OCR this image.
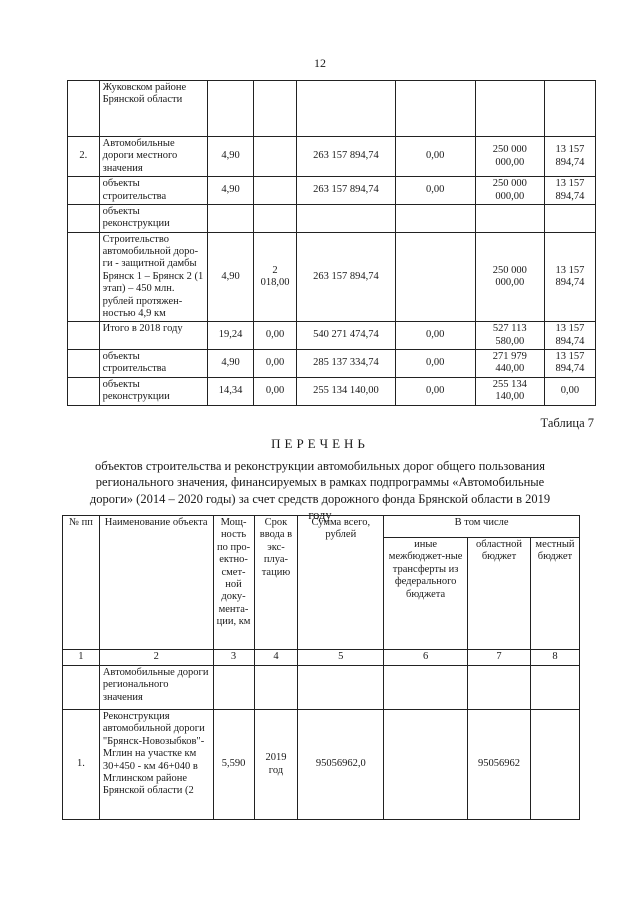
12
	Жуковском районе Брянской области						
2.	Автомобильные дороги местного значения	4,90		263 157 894,74	0,00	250 000 000,00	13 157 894,74
	объекты строительства	4,90		263 157 894,74	0,00	250 000 000,00	13 157 894,74
	объекты реконструкции						
	Строительство автомобильной доро-ги - защитной дамбы Брянск 1 – Брянск 2 (1 этап) – 450 млн. рублей протяжен-ностью 4,9 км	4,90	2 018,00	263 157 894,74		250 000 000,00	13 157 894,74
	Итого в 2018 году	19,24	0,00	540 271 474,74	0,00	527 113 580,00	13 157 894,74
	объекты строительства	4,90	0,00	285 137 334,74	0,00	271 979 440,00	13 157 894,74
	объекты реконструкции	14,34	0,00	255 134 140,00	0,00	255 134 140,00	0,00
Таблица 7
ПЕРЕЧЕНЬ
объектов строительства и реконструкции автомобильных дорог общего пользования регионального значения, финансируемых в рамках подпрограммы «Автомобильные дороги» (2014 – 2020 годы) за счет средств дорожного фонда Брянской области в 2019 году
№ пп	Наименование объекта	Мощ-ность по про-ектно-смет-ной доку-мента-ции, км	Срок ввода в экс-плуа-тацию	Сумма всего, рублей	В том числе		
					иные межбюджет-ные трансферты из федерального бюджета	областной бюджет	местный бюджет
1	2	3	4	5	6	7	8
	Автомобильные дороги регионального значения						
1.	Реконструкция автомобильной дороги "Брянск-Новозыбков"-Мглин на участке км 30+450 - км 46+040 в Мглинском районе Брянской области (2	5,590	2019 год	95056962,0		95056962	
